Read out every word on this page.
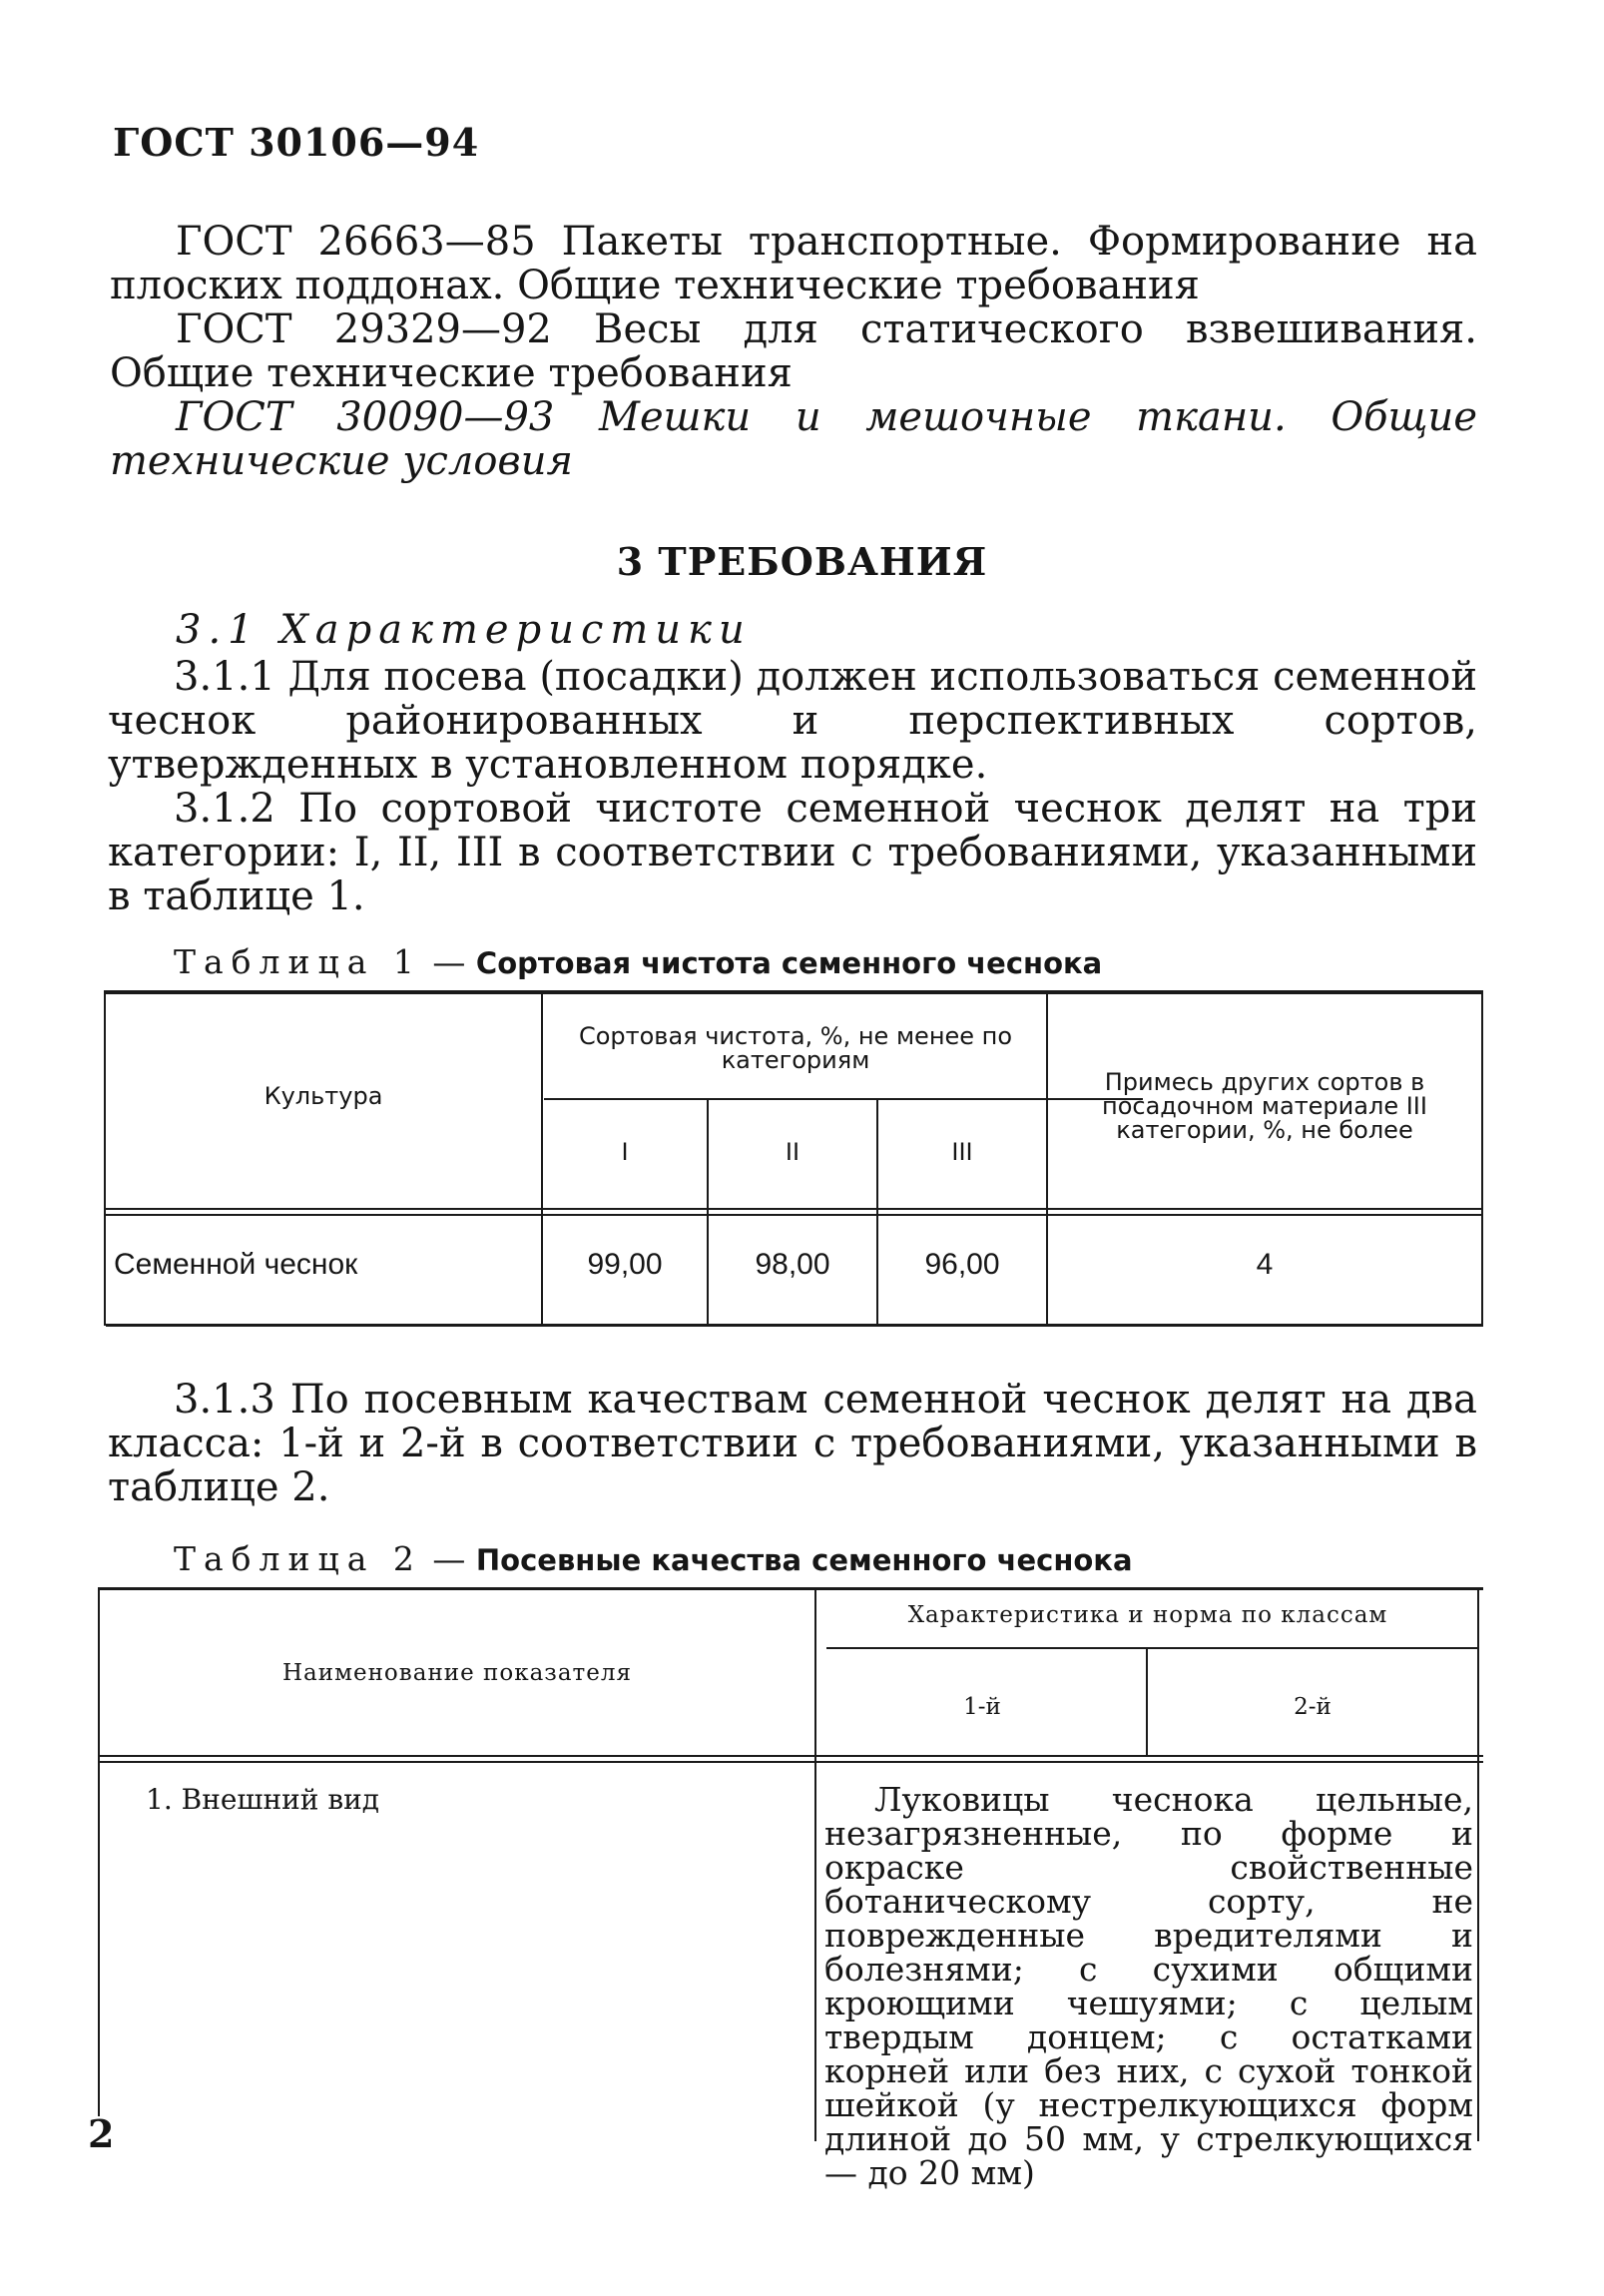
ГОСТ 30106—94

ГОСТ 26663—85 Пакеты транспортные. Формирование на плоских поддонах. Общие технические требования

ГОСТ 29329—92 Весы для статического взвешивания. Общие технические требования

ГОСТ 30090—93 Мешки и мешочные ткани. Общие технические условия

3 ТРЕБОВАНИЯ
3.1 Характеристики

3.1.1 Для посева (посадки) должен использоваться семенной чеснок районированных и перспективных сортов, утвержденных в установленном порядке.

3.1.2 По сортовой чистоте семенной чеснок делят на три категории: I, II, III в соответствии с требованиями, указанными в таблице 1.

Таблица 1 — Сортовая чистота семенного чеснока
Культура
Сортовая чистота, %, не менее по категориям
I	II	III
Примесь других сортов в посадочном материале III категории, %, не более
Семенной чеснок	99,00	98,00	96,00	4

3.1.3 По посевным качествам семенной чеснок делят на два класса: 1-й и 2-й в соответствии с требованиями, указанными в таблице 2.

Таблица 2 — Посевные качества семенного чеснока
Наименование показателя
Характеристика и норма по классам
1-й	2-й
1. Внешний вид	Луковицы чеснока цельные, незагрязненные, по форме и окраске свойственные ботаническому сорту, не поврежденные вредителями и болезнями; с сухими общими кроющими чешуями; с целым твердым донцем; с остатками корней или без них, с сухой тонкой шейкой (у нестрелкующихся форм длиной до 50 мм, у стрелкующихся — до 20 мм)
2
